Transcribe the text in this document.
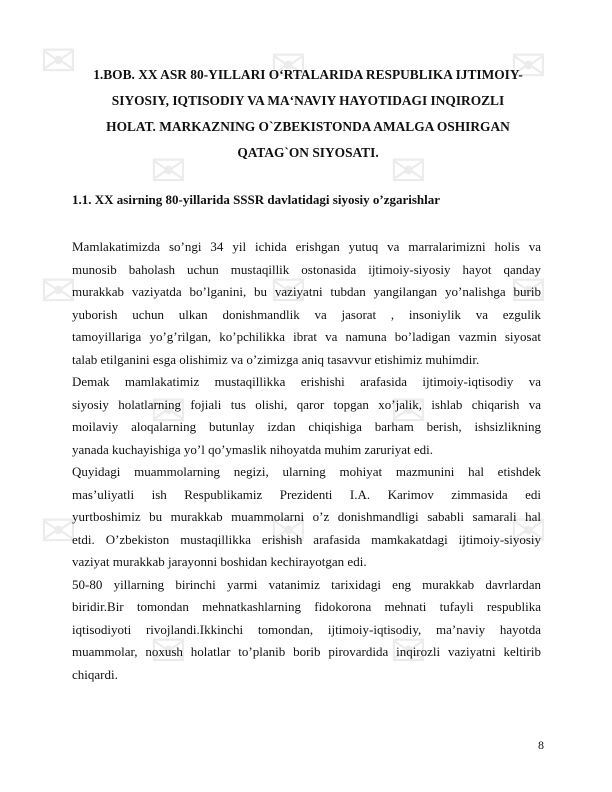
✉
✉
✉
✉
✉
✉	✉	✉
✉	✉
✉	✉	✉
✉	✉
1.BOB. XX ASR 80-YILLARI O‘RTALARIDA RESPUBLIKA IJTIMOIY-
SIYOSIY, IQTISODIY VA MA‘NAVIY HAYOTIDAGI INQIROZLI
HOLAT. MARKAZNING O`ZBEKISTONDA AMALGA OSHIRGAN
QATAG`ON SIYOSATI.
1.1. XX asirning 80-yillarida SSSR davlatidagi siyosiy o’zgarishlar

Mamlakatimizda so’ngi 34 yil ichida erishgan yutuq va marralarimizni holis va

munosib baholash uchun mustaqillik ostonasida ijtimoiy-siyosiy hayot qanday

murakkab vaziyatda bo’lganini, bu vaziyatni tubdan yangilangan yo’nalishga burib

yuborish uchun ulkan donishmandlik va jasorat , insoniylik va ezgulik

tamoyillariga yo’g’rilgan, ko’pchilikka ibrat va namuna bo’ladigan vazmin siyosat

talab etilganini esga olishimiz va o’zimizga aniq tasavvur etishimiz muhimdir.

Demak mamlakatimiz mustaqillikka erishishi arafasida ijtimoiy-iqtisodiy va

siyosiy holatlarning fojiali tus olishi, qaror topgan xo’jalik, ishlab chiqarish va

moilaviy aloqalarning butunlay izdan chiqishiga barham berish, ishsizlikning

yanada kuchayishiga yo’l qo’ymaslik nihoyatda muhim zaruriyat edi.

Quyidagi muammolarning negizi, ularning mohiyat mazmunini hal etishdek

mas’uliyatli ish Respublikamiz Prezidenti I.A. Karimov zimmasida edi

yurtboshimiz bu murakkab muammolarni o’z donishmandligi sababli samarali hal

etdi. O’zbekiston mustaqillikka erishish arafasida mamkakatdagi ijtimoiy-siyosiy

vaziyat murakkab jarayonni boshidan kechirayotgan edi.

50-80 yillarning birinchi yarmi vatanimiz tarixidagi eng murakkab davrlardan

biridir.Bir tomondan mehnatkashlarning fidokorona mehnati tufayli respublika

iqtisodiyoti rivojlandi.Ikkinchi tomondan, ijtimoiy-iqtisodiy, ma’naviy hayotda

muammolar, noxush holatlar to’planib borib pirovardida inqirozli vaziyatni keltirib

chiqardi.

8
